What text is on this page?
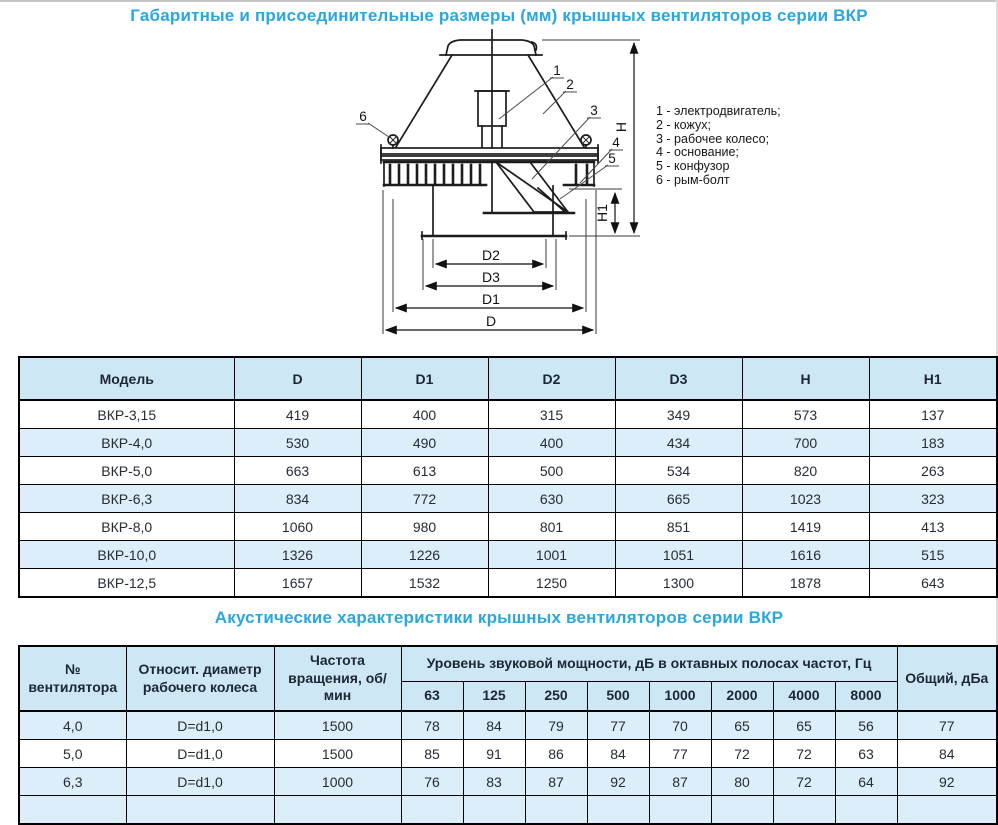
Габаритные и присоединительные размеры (мм) крышных вентиляторов серии ВКР
D2
D3
D1
D
H
H1
1
2
3
4
5
6	1 - электродвигатель;
2 - кожух;
3 - рабочее колесо;
4 - основание;
5 - конфузор
6 - рым-болт
Модель	D	D1	D2	D3	H	H1
ВКР-3,15	419	400	315	349	573	137
ВКР-4,0	530	490	400	434	700	183
ВКР-5,0	663	613	500	534	820	263
ВКР-6,3	834	772	630	665	1023	323
ВКР-8,0	1060	980	801	851	1419	413
ВКР-10,0	1326	1226	1001	1051	1616	515
ВКР-12,5	1657	1532	1250	1300	1878	643
Акустические характеристики крышных вентиляторов серии ВКР
№ вентилятора	Относит. диаметр рабочего колеса	Частота вращения, об/мин	Уровень звуковой мощности, дБ в октавных полосах частот, Гц								Общий, дБа
			63	125	250	500	1000	2000	4000	8000	
4,0	D=d1,0	1500	78	84	79	77	70	65	65	56	77
5,0	D=d1,0	1500	85	91	86	84	77	72	72	63	84
6,3	D=d1,0	1000	76	83	87	92	87	80	72	64	92
